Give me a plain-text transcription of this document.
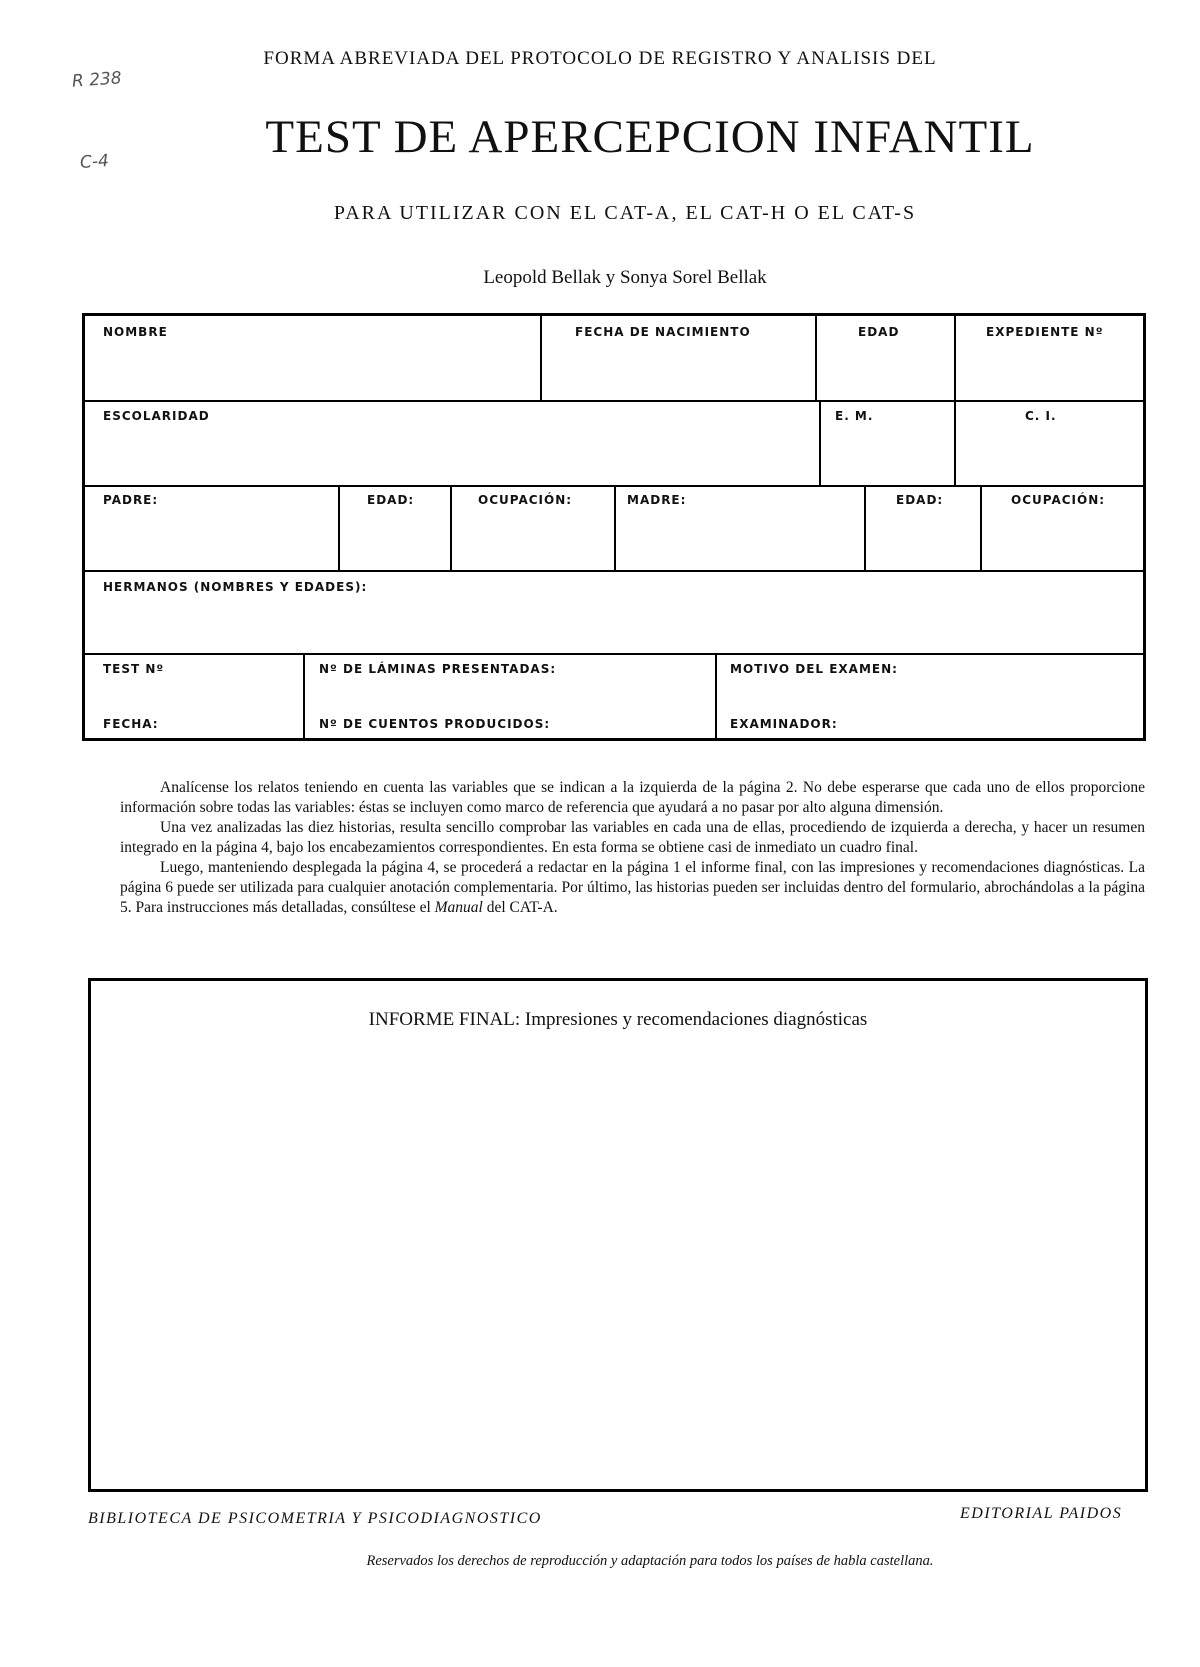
R 238
C-4
FORMA ABREVIADA DEL PROTOCOLO DE REGISTRO Y ANALISIS DEL
TEST DE APERCEPCION INFANTIL
PARA UTILIZAR CON EL CAT-A, EL CAT-H O EL CAT-S
Leopold Bellak y Sonya Sorel Bellak
NOMBRE	FECHA DE NACIMIENTO	EDAD	EXPEDIENTE Nº
ESCOLARIDAD	E. M.	C. I.
PADRE:	EDAD:	OCUPACIÓN:	MADRE:	EDAD:	OCUPACIÓN:
HERMANOS (NOMBRES Y EDADES):
TEST Nº	Nº DE LÁMINAS PRESENTADAS:	MOTIVO DEL EXAMEN:
FECHA:	Nº DE CUENTOS PRODUCIDOS:	EXAMINADOR:

Analícense los relatos teniendo en cuenta las variables que se indican a la izquierda de la página 2. No debe esperarse que cada uno de ellos proporcione información sobre todas las variables: éstas se incluyen como marco de referencia que ayudará a no pasar por alto alguna dimensión.

Una vez analizadas las diez historias, resulta sencillo comprobar las variables en cada una de ellas, procediendo de izquierda a derecha, y hacer un resumen integrado en la página 4, bajo los encabezamientos correspondientes. En esta forma se obtiene casi de inmediato un cuadro final.

Luego, manteniendo desplegada la página 4, se procederá a redactar en la página 1 el informe final, con las impresiones y recomendaciones diagnósticas. La página 6 puede ser utilizada para cualquier anotación complementaria. Por último, las historias pueden ser incluidas dentro del formulario, abrochándolas a la página 5. Para instrucciones más detalladas, consúltese el Manual del CAT-A.

INFORME FINAL: Impresiones y recomendaciones diagnósticas
BIBLIOTECA DE PSICOMETRIA Y PSICODIAGNOSTICO	EDITORIAL PAIDOS
Reservados los derechos de reproducción y adaptación para todos los países de habla castellana.
